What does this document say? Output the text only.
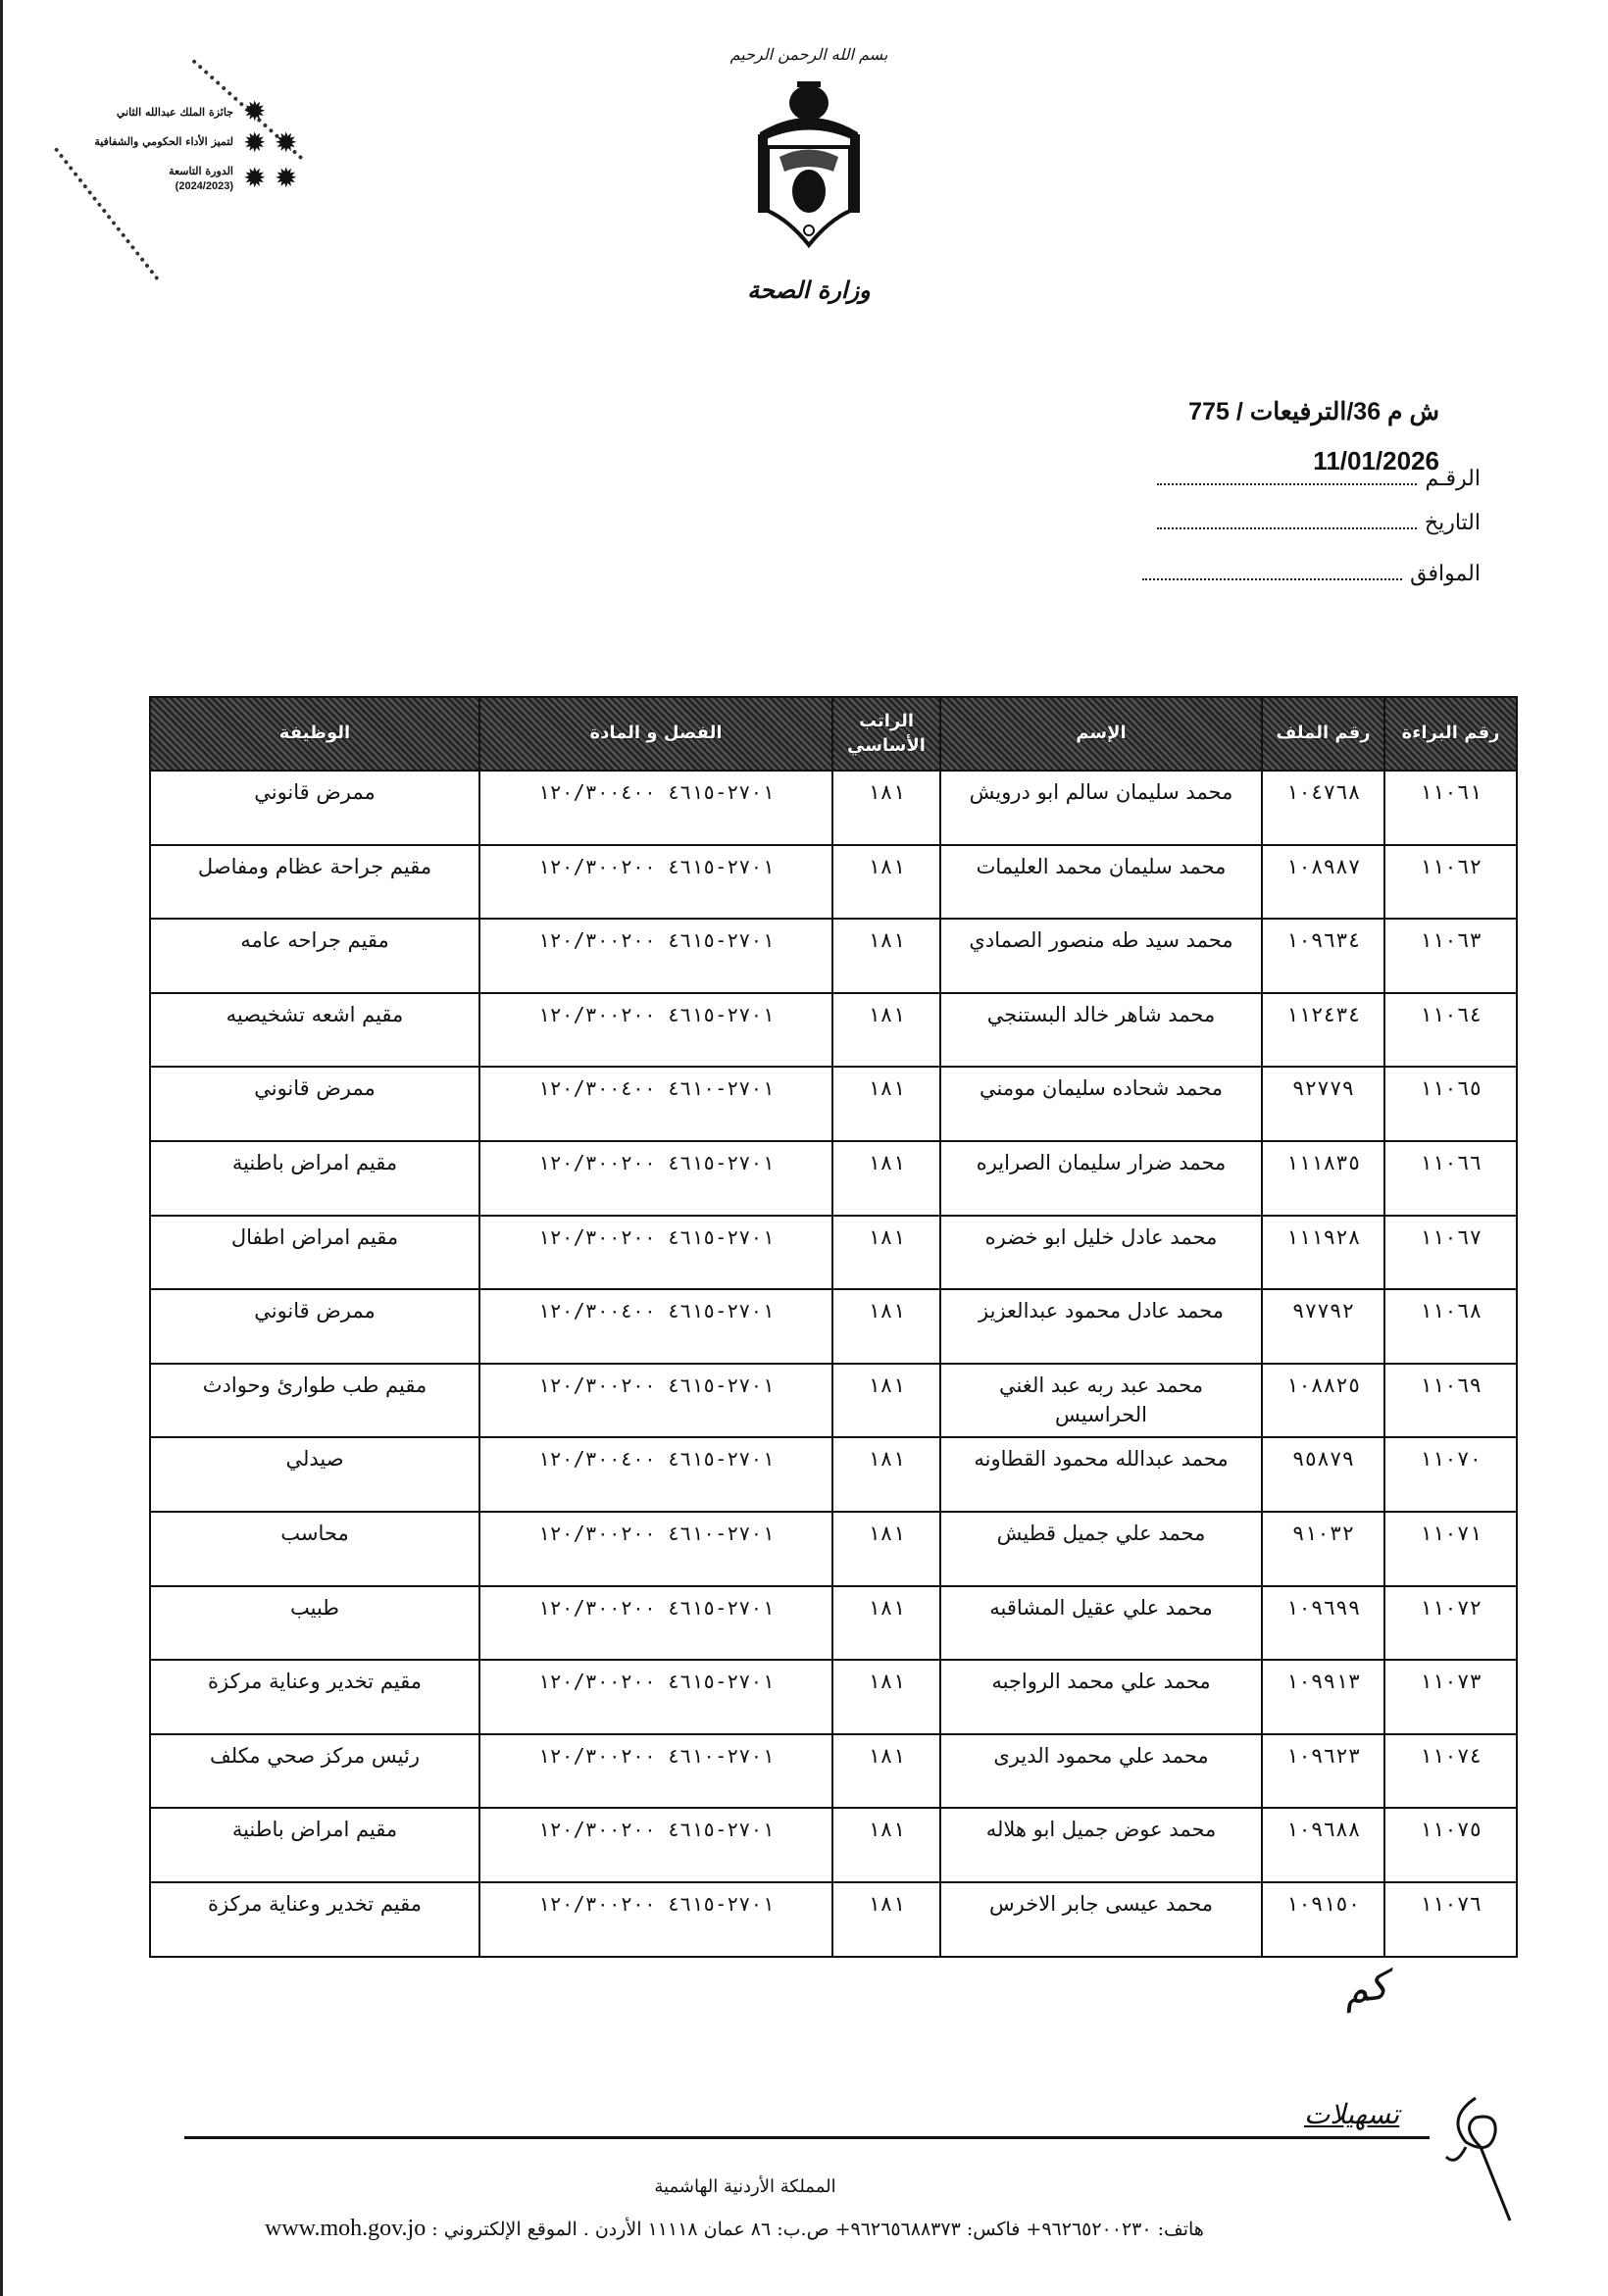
جائزة الملك عبدالله الثاني
لتميز الأداء الحكومي والشفافية
الدورة التاسعة
(2024/2023)
✹
✹ ✹
✹ ✹
بسم الله الرحمن الرحيم
وزارة الصحة
ش م 36/الترفيعات / 775
11/01/2026
الرقـم
التاريخ
الموافق
رقم البراءة	رقم الملف	الإسم	الراتب الأساسي	الفصل و المادة	الوظيفة
١١٠٦١	١٠٤٧٦٨	محمد سليمان سالم ابو درويش	١٨١	٢٧٠١-٤٦١٥ ١٢٠/٣٠٠٤٠٠	ممرض قانوني
١١٠٦٢	١٠٨٩٨٧	محمد سليمان محمد العليمات	١٨١	٢٧٠١-٤٦١٥ ١٢٠/٣٠٠٢٠٠	مقيم جراحة عظام ومفاصل
١١٠٦٣	١٠٩٦٣٤	محمد سيد طه منصور الصمادي	١٨١	٢٧٠١-٤٦١٥ ١٢٠/٣٠٠٢٠٠	مقيم جراحه عامه
١١٠٦٤	١١٢٤٣٤	محمد شاهر خالد البستنجي	١٨١	٢٧٠١-٤٦١٥ ١٢٠/٣٠٠٢٠٠	مقيم اشعه تشخيصيه
١١٠٦٥	٩٢٧٧٩	محمد شحاده سليمان مومني	١٨١	٢٧٠١-٤٦١٠ ١٢٠/٣٠٠٤٠٠	ممرض قانوني
١١٠٦٦	١١١٨٣٥	محمد ضرار سليمان الصرايره	١٨١	٢٧٠١-٤٦١٥ ١٢٠/٣٠٠٢٠٠	مقيم امراض باطنية
١١٠٦٧	١١١٩٢٨	محمد عادل خليل ابو خضره	١٨١	٢٧٠١-٤٦١٥ ١٢٠/٣٠٠٢٠٠	مقيم امراض اطفال
١١٠٦٨	٩٧٧٩٢	محمد عادل محمود عبدالعزيز	١٨١	٢٧٠١-٤٦١٥ ١٢٠/٣٠٠٤٠٠	ممرض قانوني
١١٠٦٩	١٠٨٨٢٥	محمد عبد ربه عبد الغني الحراسيس	١٨١	٢٧٠١-٤٦١٥ ١٢٠/٣٠٠٢٠٠	مقيم طب طوارئ وحوادث
١١٠٧٠	٩٥٨٧٩	محمد عبدالله محمود القطاونه	١٨١	٢٧٠١-٤٦١٥ ١٢٠/٣٠٠٤٠٠	صيدلي
١١٠٧١	٩١٠٣٢	محمد علي جميل قطيش	١٨١	٢٧٠١-٤٦١٠ ١٢٠/٣٠٠٢٠٠	محاسب
١١٠٧٢	١٠٩٦٩٩	محمد علي عقيل المشاقبه	١٨١	٢٧٠١-٤٦١٥ ١٢٠/٣٠٠٢٠٠	طبيب
١١٠٧٣	١٠٩٩١٣	محمد علي محمد الرواجبه	١٨١	٢٧٠١-٤٦١٥ ١٢٠/٣٠٠٢٠٠	مقيم تخدير وعناية مركزة
١١٠٧٤	١٠٩٦٢٣	محمد علي محمود الديرى	١٨١	٢٧٠١-٤٦١٠ ١٢٠/٣٠٠٢٠٠	رئيس مركز صحي مكلف
١١٠٧٥	١٠٩٦٨٨	محمد عوض جميل ابو هلاله	١٨١	٢٧٠١-٤٦١٥ ١٢٠/٣٠٠٢٠٠	مقيم امراض باطنية
١١٠٧٦	١٠٩١٥٠	محمد عيسى جابر الاخرس	١٨١	٢٧٠١-٤٦١٥ ١٢٠/٣٠٠٢٠٠	مقيم تخدير وعناية مركزة
كم
تسهيلات
المملكة الأردنية الهاشمية
هاتف: ٩٦٢٦٥٢٠٠٢٣٠+ فاكس: ٩٦٢٦٥٦٨٨٣٧٣+ ص.ب: ٨٦ عمان ١١١١٨ الأردن . الموقع الإلكتروني : www.moh.gov.jo
